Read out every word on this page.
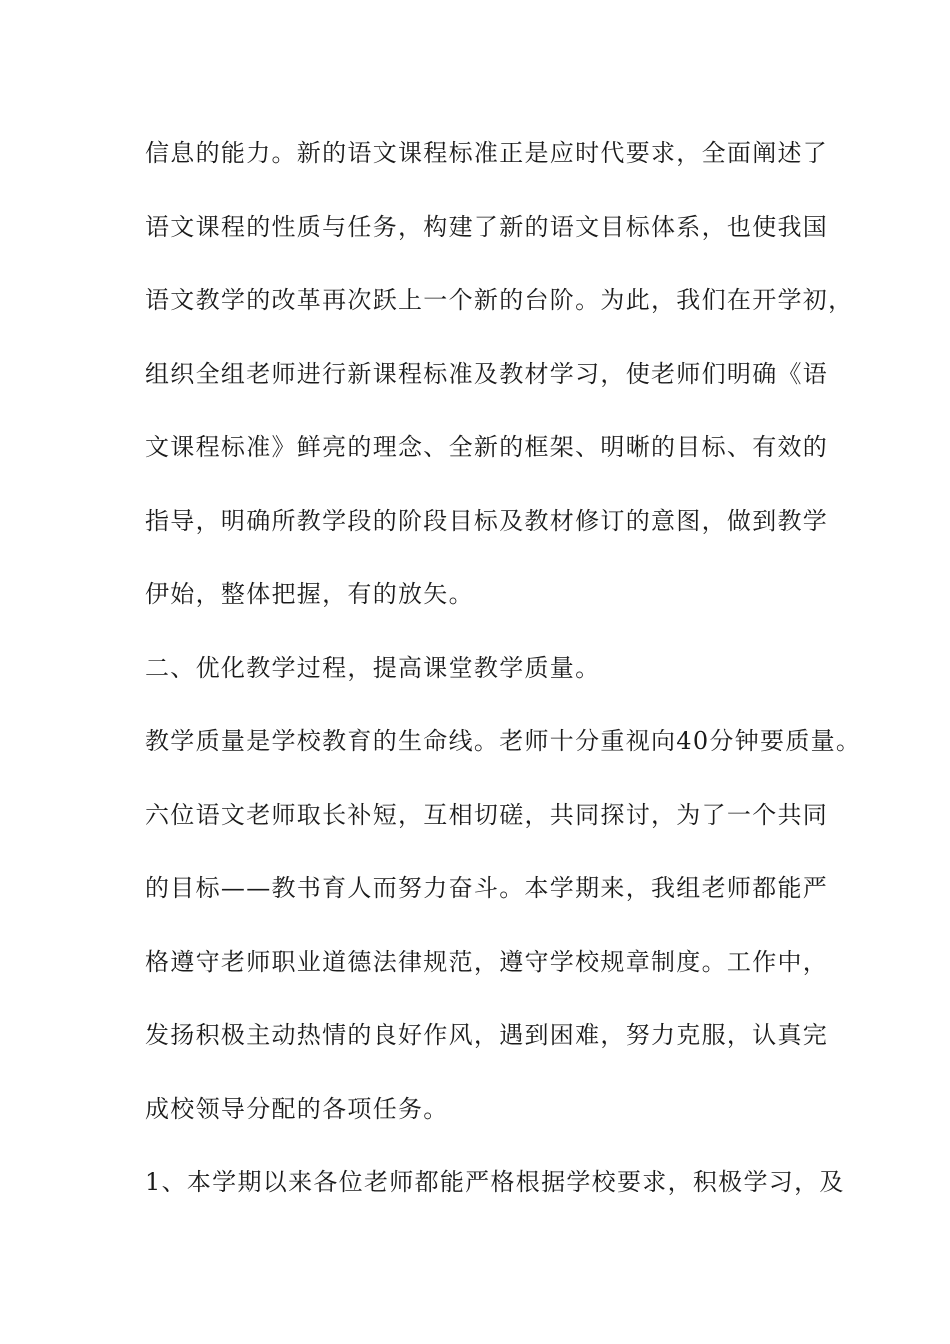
信息的能力。新的语文课程标准正是应时代要求，全面阐述了
语文课程的性质与任务，构建了新的语文目标体系，也使我国
语文教学的改革再次跃上一个新的台阶。为此，我们在开学初，
组织全组老师进行新课程标准及教材学习，使老师们明确《语
文课程标准》鲜亮的理念、全新的框架、明晰的目标、有效的
指导，明确所教学段的阶段目标及教材修订的意图，做到教学
伊始，整体把握，有的放矢。
二、优化教学过程，提高课堂教学质量。
教学质量是学校教育的生命线。老师十分重视向40分钟要质量。
六位语文老师取长补短，互相切磋，共同探讨，为了一个共同
的目标——教书育人而努力奋斗。本学期来，我组老师都能严
格遵守老师职业道德法律规范，遵守学校规章制度。工作中，
发扬积极主动热情的良好作风，遇到困难，努力克服，认真完
成校领导分配的各项任务。
1、本学期以来各位老师都能严格根据学校要求，积极学习，及
